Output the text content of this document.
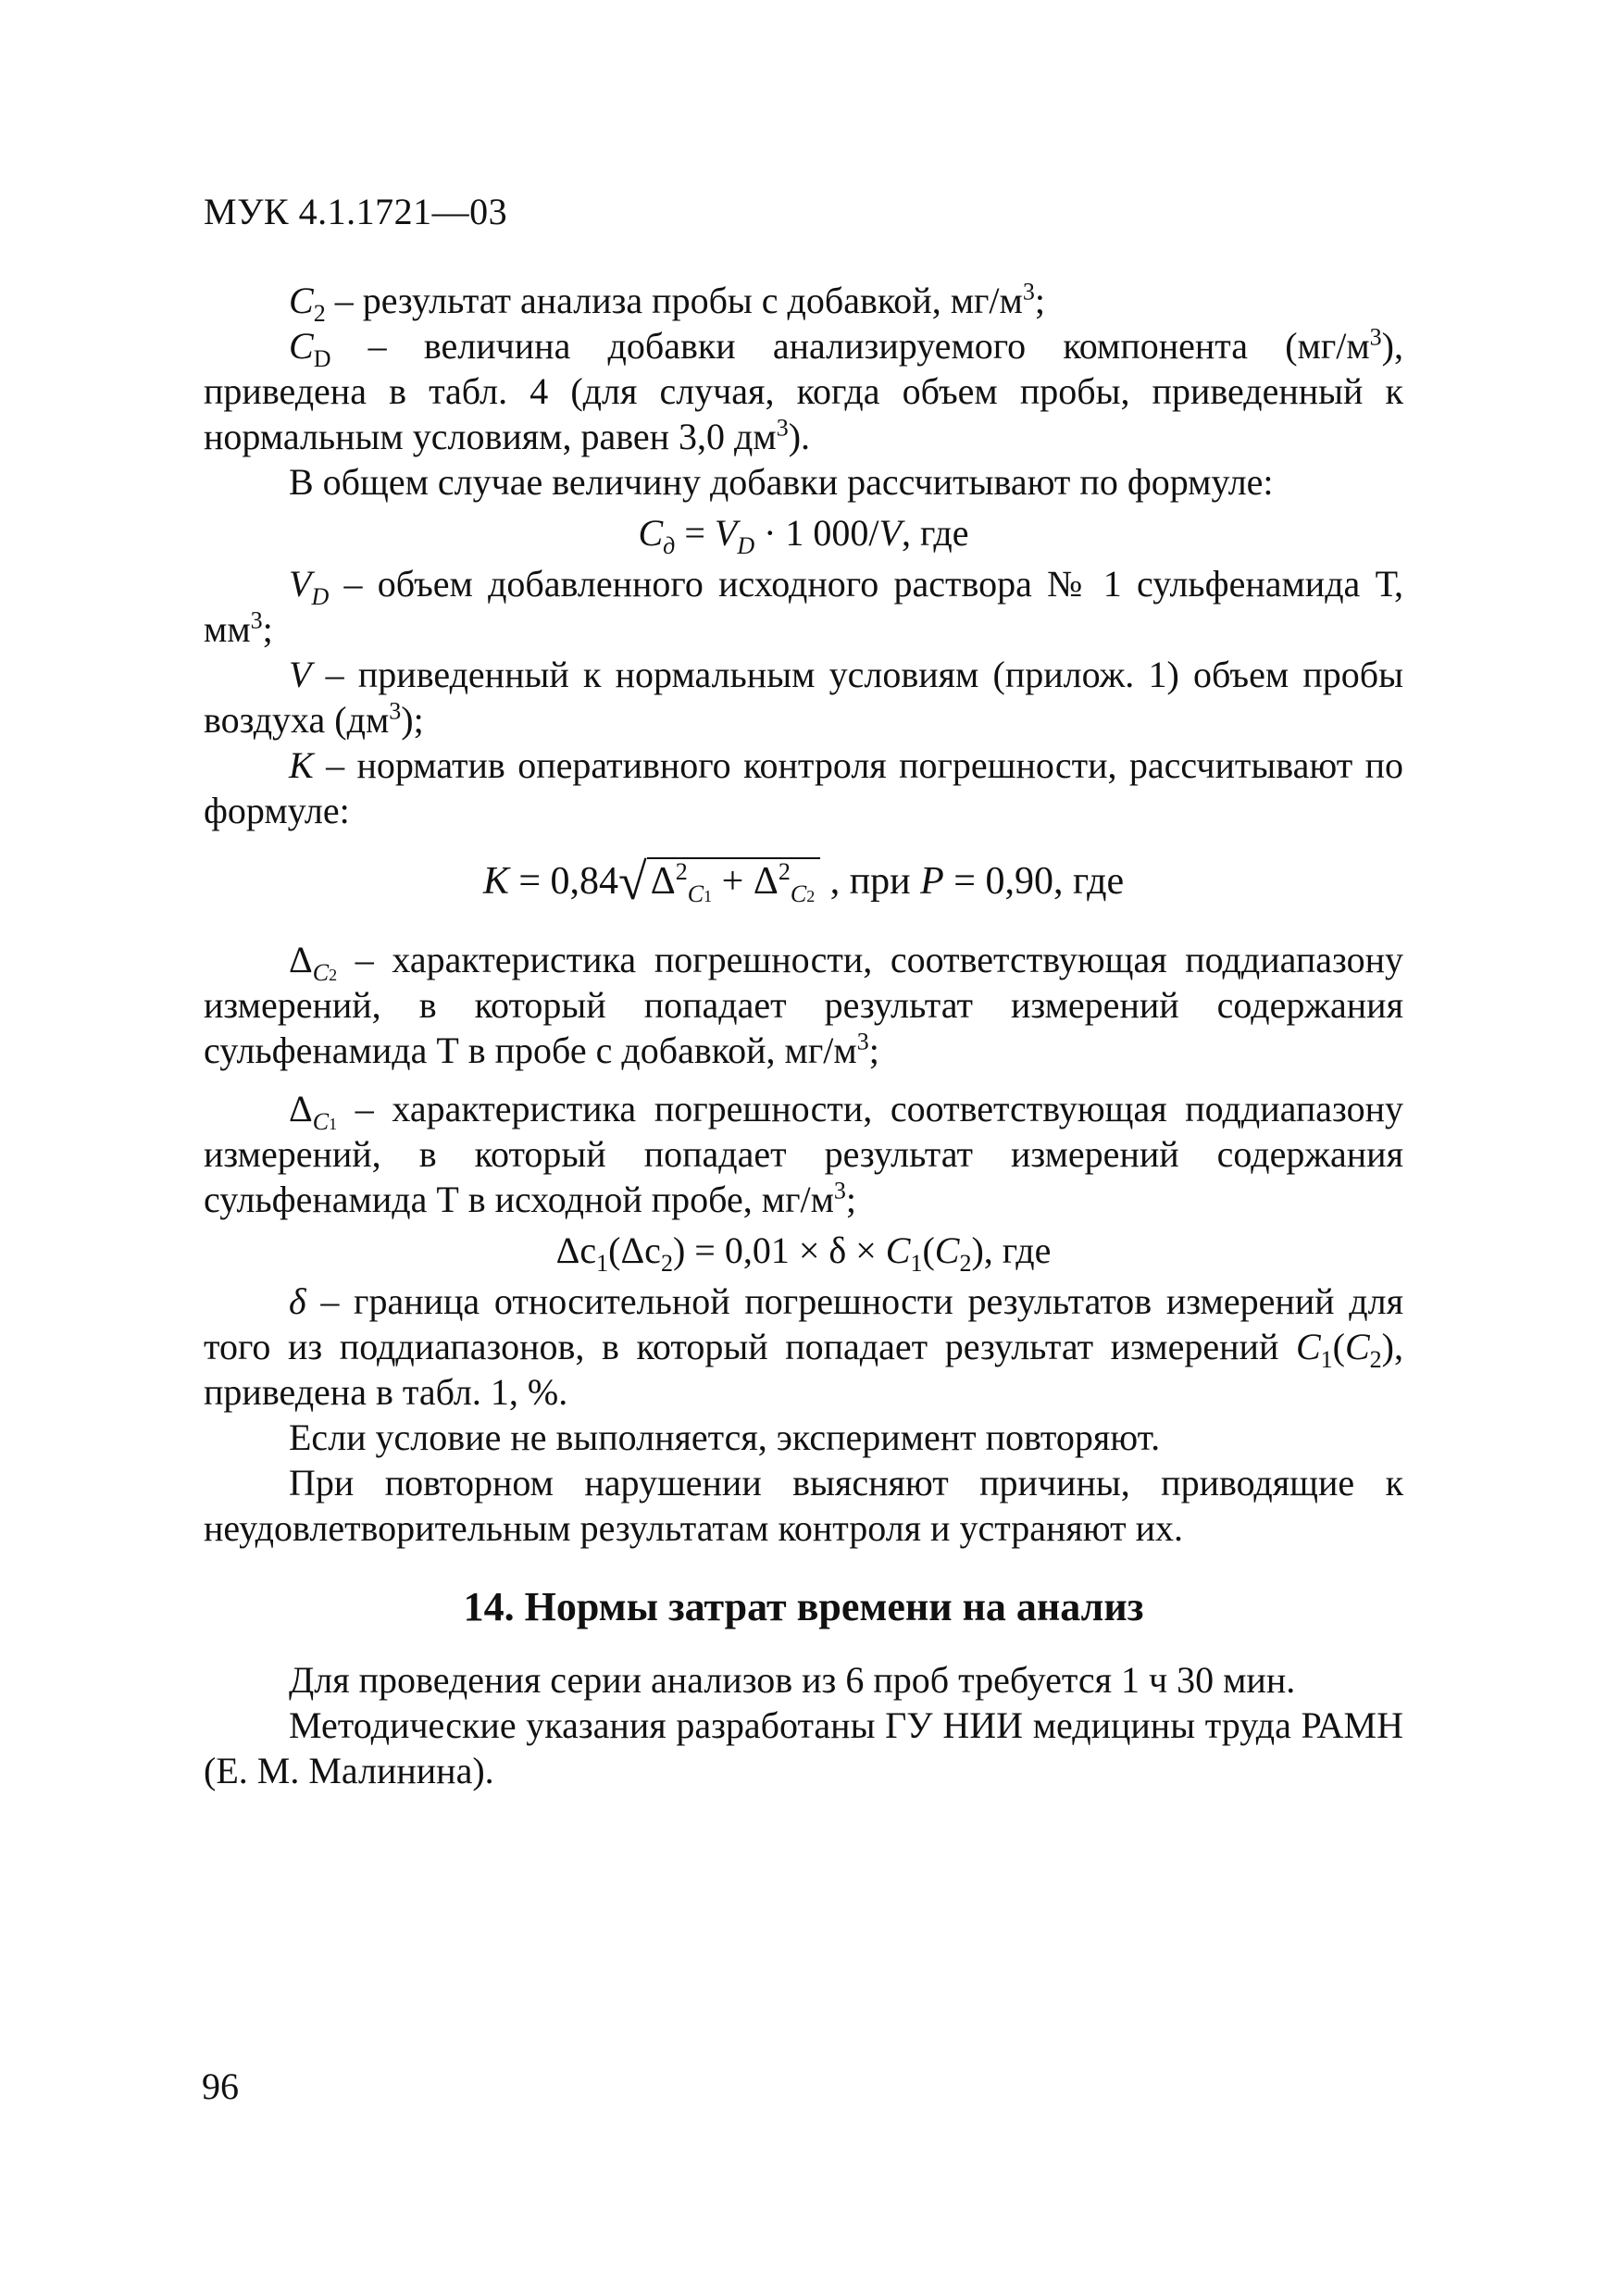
МУК 4.1.1721—03

$C_2$ – результат анализа пробы с добавкой, $мг/м^3$;

$C_D$ – величина добавки анализируемого компонента $(мг/м^3)$, приведена в табл. 4 (для случая, когда объем пробы, приведенный к нормальным условиям, равен 3,0 $дм^3$).

В общем случае величину добавки рассчитывают по формуле:

$C_д = V_D \cdot 1$ 000/V, где

$V_D$ – объем добавленного исходного раствора № 1 сульфенамида Т, $мм^3$;

V – приведенный к нормальным условиям (прилож. 1) объем пробы воздуха $(дм^3)$;

K – норматив оперативного контроля погрешности, рассчитывают по формуле:

$K = 0,84√\Delta^2_{C1} + \Delta^2_{C2}$ , при P = 0,90, где

$\Delta_{C2}$ – характеристика погрешности, соответствующая поддиапазону измерений, в который попадает результат измерений содержания сульфенамида Т в пробе с добавкой, $мг/м^3$;

$\Delta_{C1}$ – характеристика погрешности, соответствующая поддиапазону измерений, в который попадает результат измерений содержания сульфенамида Т в исходной пробе, $мг/м^3$;

$\Delta c_1(\Delta c_2) = 0,01 \times \delta \times C_1(C_2)$, где

δ – граница относительной погрешности результатов измерений для того из поддиапазонов, в который попадает результат измерений $C_1(C_2)$, приведена в табл. 1, %.

Если условие не выполняется, эксперимент повторяют.

При повторном нарушении выясняют причины, приводящие к неудовлетворительным результатам контроля и устраняют их.

14. Нормы затрат времени на анализ

Для проведения серии анализов из 6 проб требуется 1 ч 30 мин.

Методические указания разработаны ГУ НИИ медицины труда РАМН (Е. М. Малинина).

96
